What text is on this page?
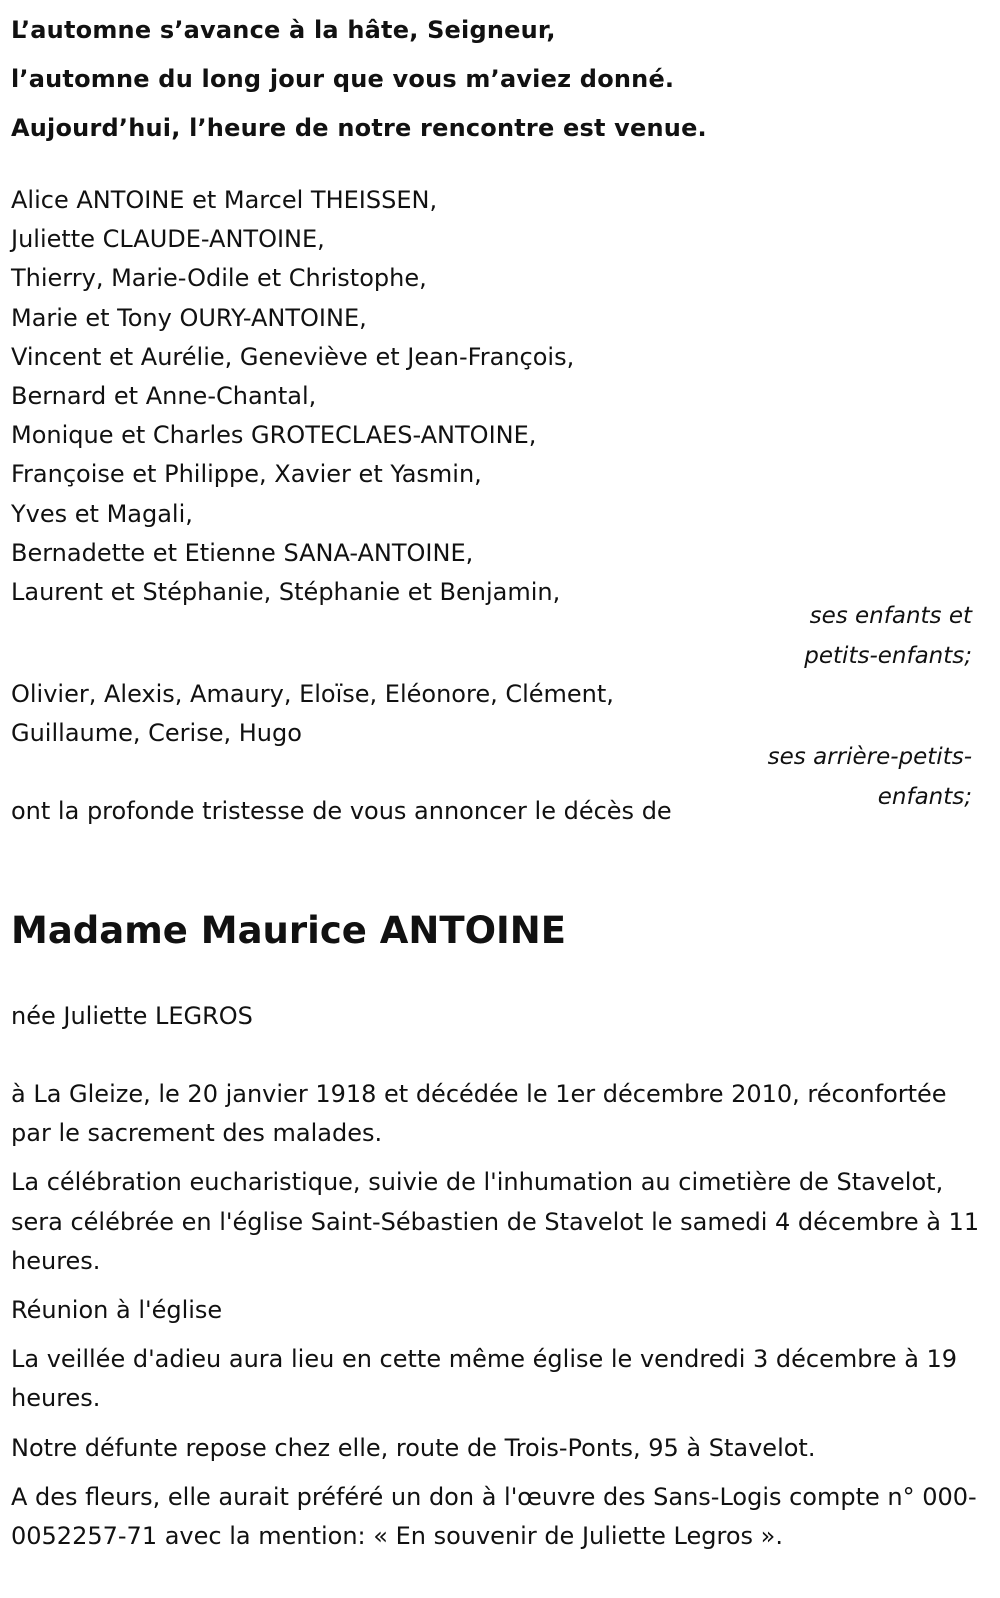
L’automne s’avance à la hâte, Seigneur,
l’automne du long jour que vous m’aviez donné.
Aujourd’hui, l’heure de notre rencontre est venue.
Alice ANTOINE et Marcel THEISSEN,
Juliette CLAUDE-ANTOINE,
Thierry, Marie-Odile et Christophe,
Marie et Tony OURY-ANTOINE,
Vincent et Aurélie, Geneviève et Jean-François,
Bernard et Anne-Chantal,
Monique et Charles GROTECLAES-ANTOINE,
Françoise et Philippe, Xavier et Yasmin,
Yves et Magali,
Bernadette et Etienne SANA-ANTOINE,
Laurent et Stéphanie, Stéphanie et Benjamin,
ses enfants et
petits-enfants;
Olivier, Alexis, Amaury, Eloïse, Eléonore, Clément,
Guillaume, Cerise, Hugo
ses arrière-petits-
enfants;
ont la profonde tristesse de vous annoncer le décès de
Madame Maurice ANTOINE
née Juliette LEGROS

à La Gleize, le 20 janvier 1918 et décédée le 1er décembre 2010, réconfortée par le sacrement des malades.

La célébration eucharistique, suivie de l'inhumation au cimetière de Stavelot, sera célébrée en l'église Saint-Sébastien de Stavelot le samedi 4 décembre à 11 heures.

Réunion à l'église

La veillée d'adieu aura lieu en cette même église le vendredi 3 décembre à 19 heures.

Notre défunte repose chez elle, route de Trois-Ponts, 95 à Stavelot.

A des fleurs, elle aurait préféré un don à l'œuvre des Sans-Logis compte n° 000-0052257-71 avec la mention: « En souvenir de Juliette Legros ».
